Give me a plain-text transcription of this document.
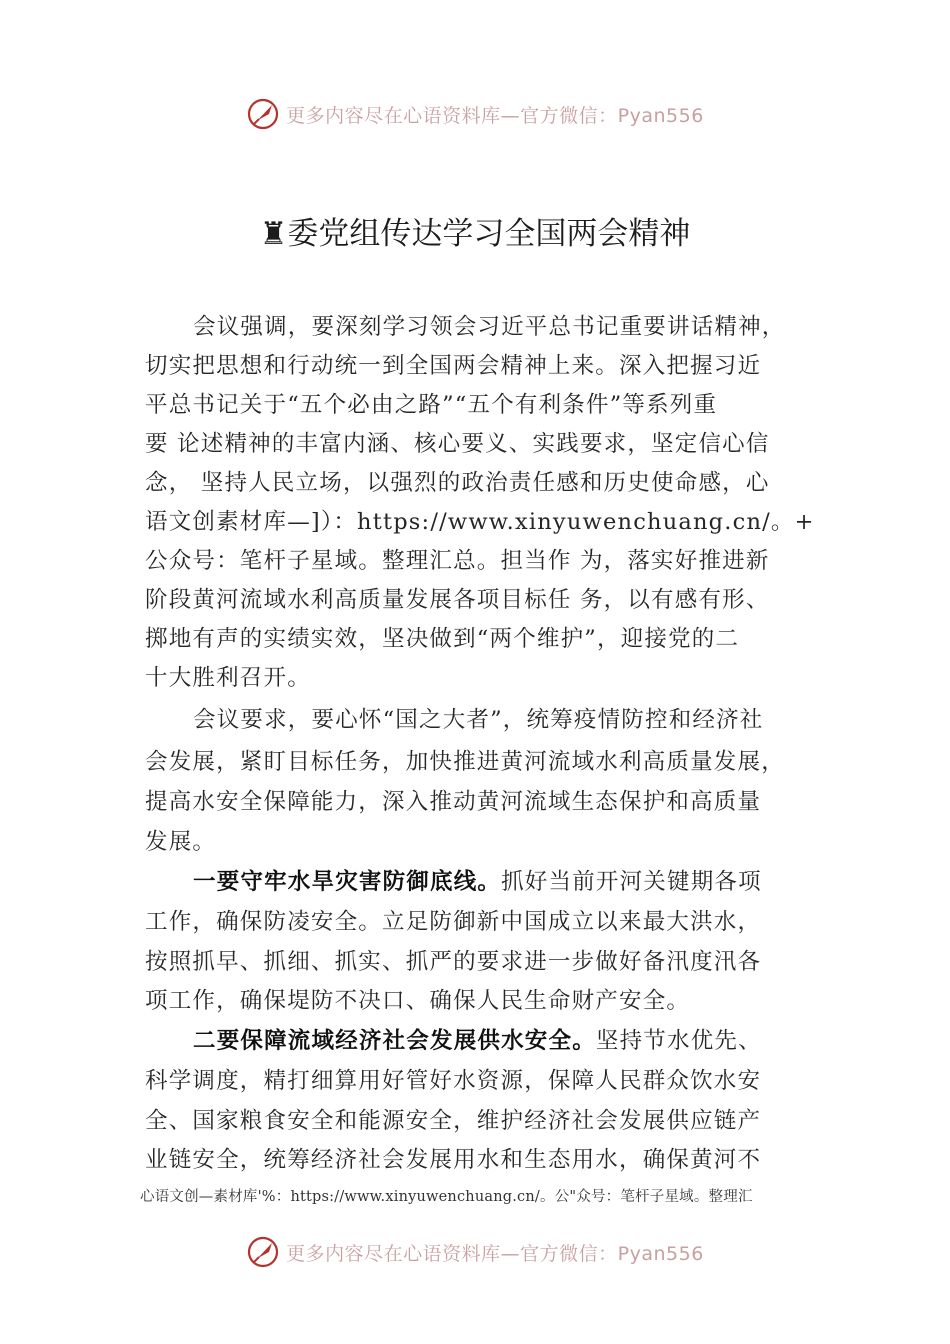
更多内容尽在心语资料库—官方微信：Pyan556
♜委党组传达学习全国两会精神
会议强调，要深刻学习领会习近平总书记重要讲话精神，
切实把思想和行动统一到全国两会精神上来。深入把握习近
平总书记关于“五个必由之路”“五个有利条件”等系列重
要 论述精神的丰富内涵、核心要义、实践要求，坚定信心信
念， 坚持人民立场，以强烈的政治责任感和历史使命感，心
语文创素材库—]）：https://www.xinyuwenchuang.cn/。+
公众号：笔杆子星域。整理汇总。担当作 为，落实好推进新
阶段黄河流域水利高质量发展各项目标任 务，以有感有形、
掷地有声的实绩实效，坚决做到“两个维护”，迎接党的二
十大胜利召开。
会议要求，要心怀“国之大者”，统筹疫情防控和经济社
会发展，紧盯目标任务，加快推进黄河流域水利高质量发展，
提高水安全保障能力，深入推动黄河流域生态保护和高质量
发展。
一要守牢水旱灾害防御底线。抓好当前开河关键期各项
工作，确保防凌安全。立足防御新中国成立以来最大洪水，
按照抓早、抓细、抓实、抓严的要求进一步做好备汛度汛各
项工作，确保堤防不决口、确保人民生命财产安全。
二要保障流域经济社会发展供水安全。坚持节水优先、
科学调度，精打细算用好管好水资源，保障人民群众饮水安
全、国家粮食安全和能源安全，维护经济社会发展供应链产
业链安全，统筹经济社会发展用水和生态用水，确保黄河不
心语文创—素材库'%：https://www.xinyuwenchuang.cn/。公"众号：笔杆子星域。整理汇
更多内容尽在心语资料库—官方微信：Pyan556
